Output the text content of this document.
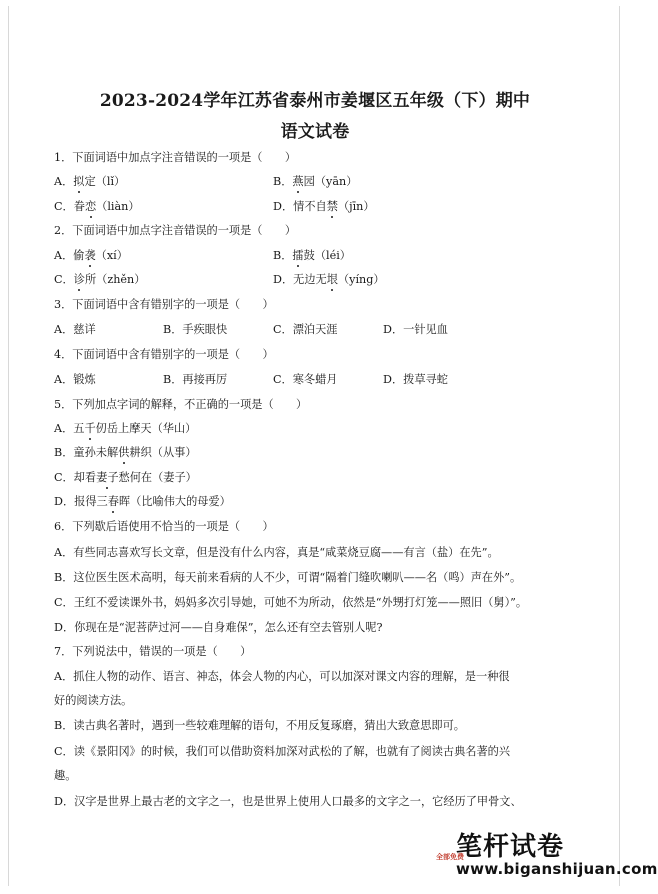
2023-2024学年江苏省泰州市姜堰区五年级（下）期中
语文试卷
1．下面词语中加点字注音错误的一项是（　　）
A．拟定（lǐ）	B．燕园（yān）
C．眷恋（liàn）	D．情不自禁（jīn）
2．下面词语中加点字注音错误的一项是（　　）
A．偷袭（xí）	B．擂鼓（léi）
C．诊所（zhěn）	D．无边无垠（yíng）
3．下面词语中含有错别字的一项是（　　）
A．慈详	B．手疾眼快	C．漂泊天涯	D．一针见血
4．下面词语中含有错别字的一项是（　　）
A．锻炼	B．再接再厉	C．寒冬蜡月	D．拨草寻蛇
5．下列加点字词的解释，不正确的一项是（　　）
A．五千仞岳上摩天（华山）
B．童孙未解供耕织（从事）
C．却看妻子愁何在（妻子）
D．报得三春晖（比喻伟大的母爱）
6．下列歇后语使用不恰当的一项是（　　）
A．有些同志喜欢写长文章，但是没有什么内容，真是“咸菜烧豆腐——有言（盐）在先”。
B．这位医生医术高明，每天前来看病的人不少，可谓“隔着门缝吹喇叭——名（鸣）声在外”。
C．王红不爱读课外书，妈妈多次引导她，可她不为所动，依然是“外甥打灯笼——照旧（舅）”。
D．你现在是“泥菩萨过河——自身难保”，怎么还有空去管别人呢?
7．下列说法中，错误的一项是（　　）
A．抓住人物的动作、语言、神态，体会人物的内心，可以加深对课文内容的理解，是一种很
好的阅读方法。
B．读古典名著时，遇到一些较难理解的语句，不用反复琢磨，猜出大致意思即可。
C．读《景阳冈》的时候，我们可以借助资料加深对武松的了解，也就有了阅读古典名著的兴
趣。
D．汉字是世界上最古老的文字之一，也是世界上使用人口最多的文字之一，它经历了甲骨文、
笔杆试卷
全部免费
www.biganshijuan.com
